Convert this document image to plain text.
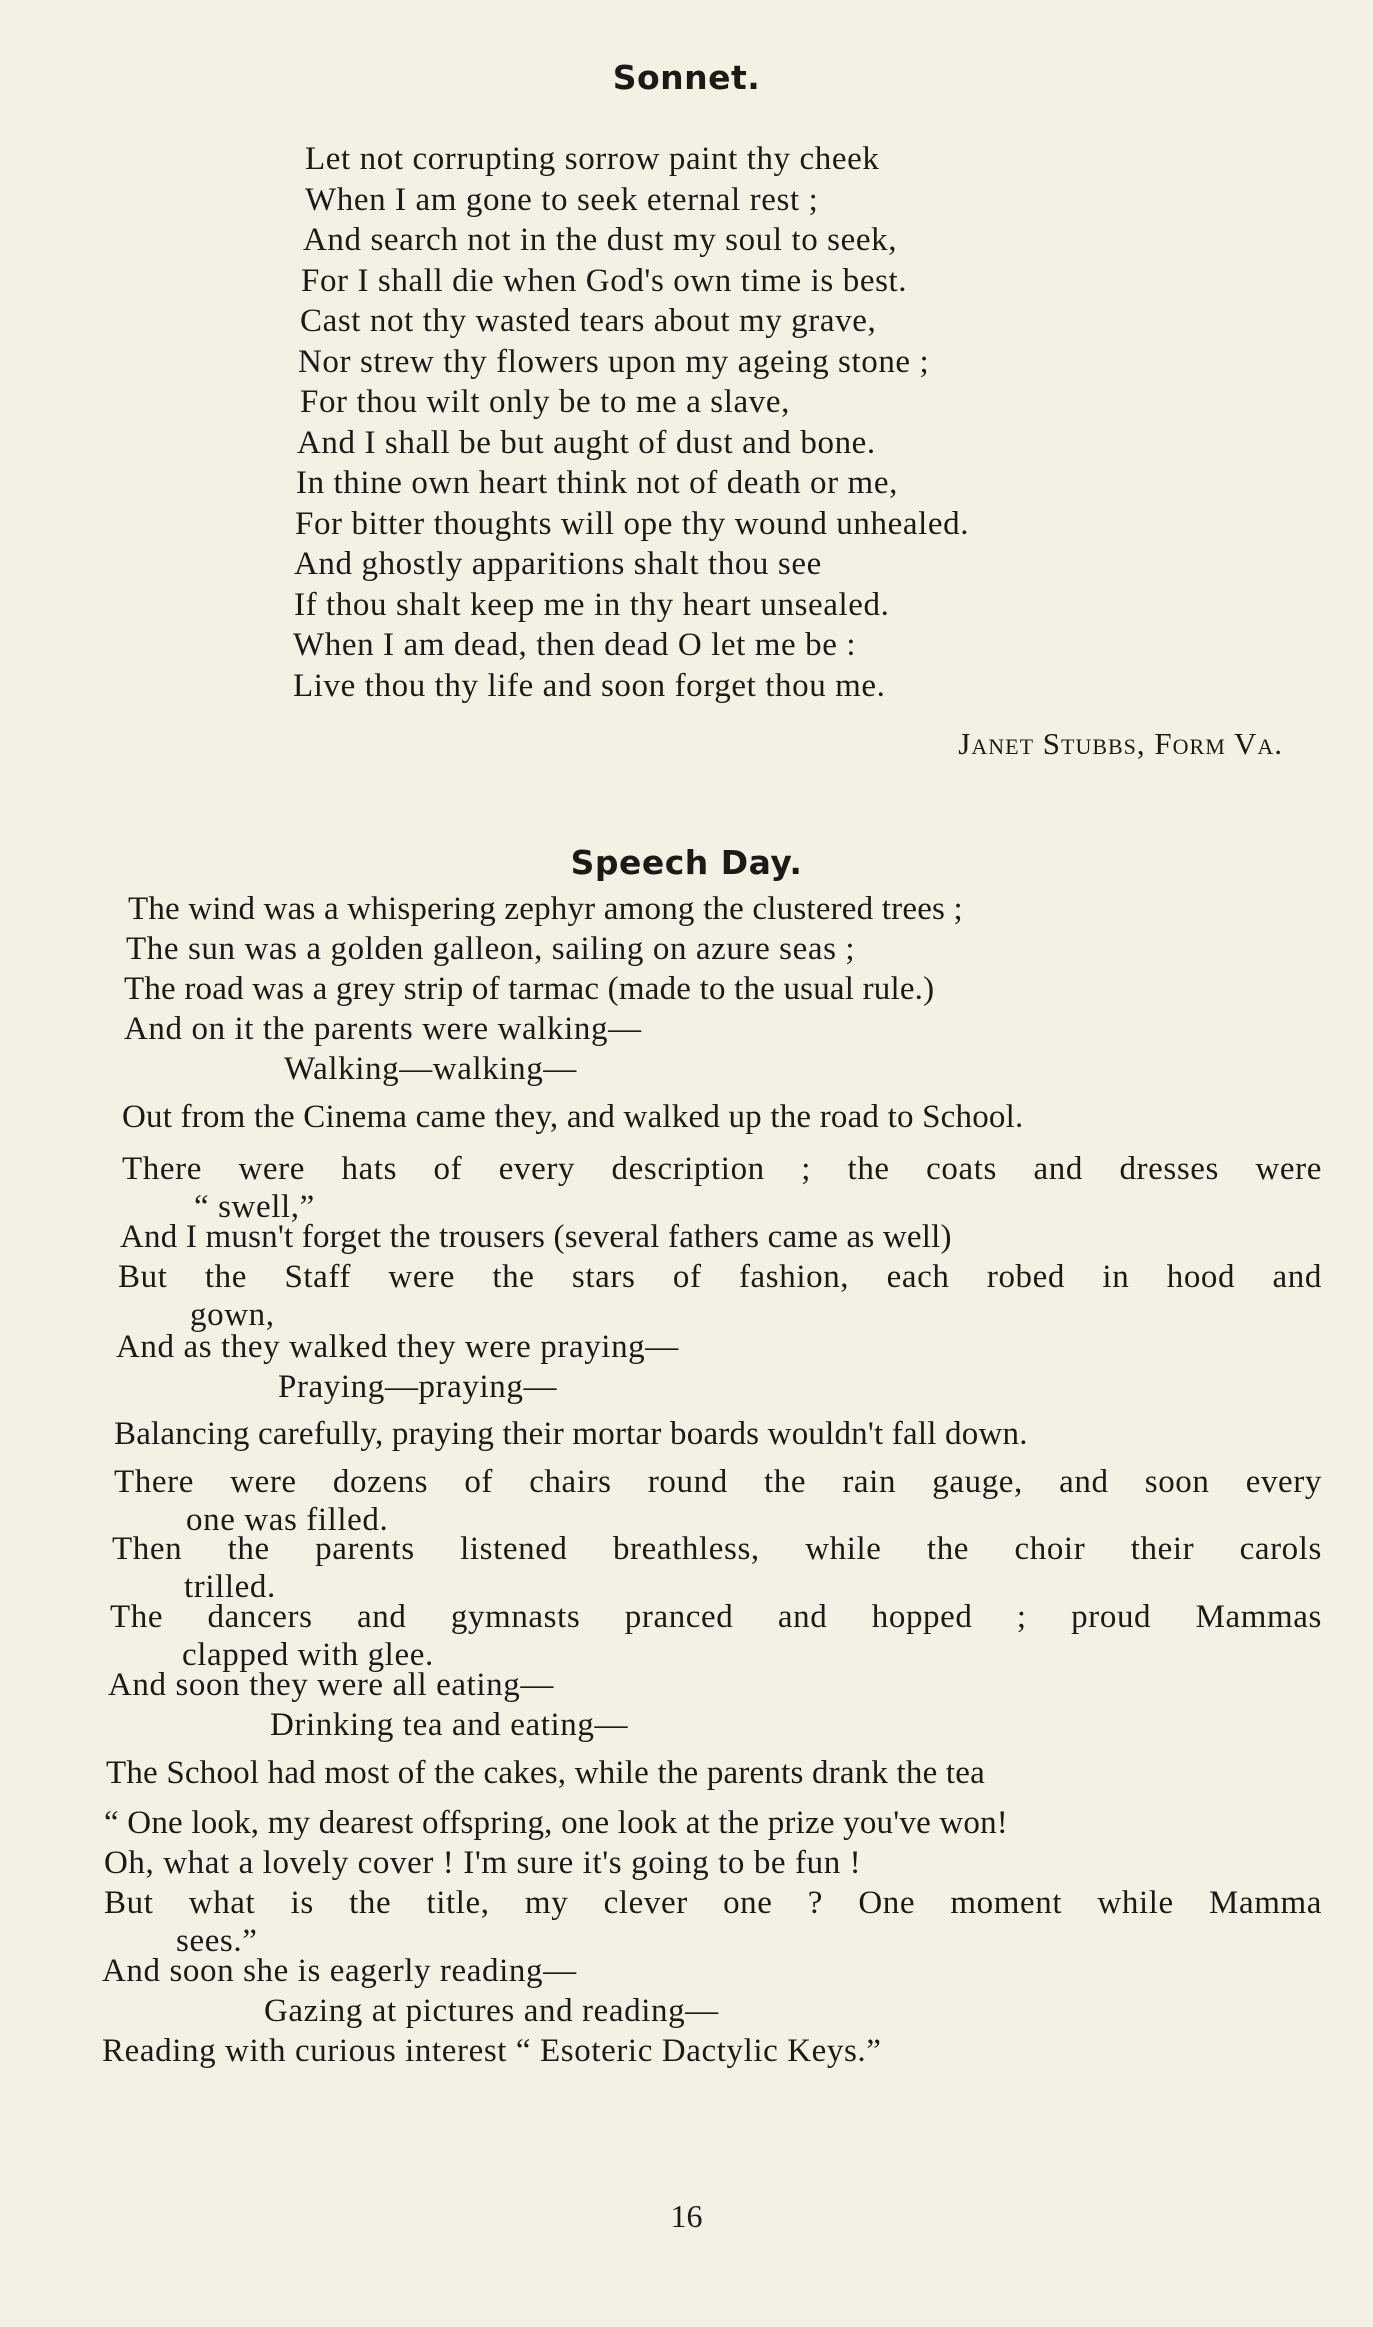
Sonnet.
Let not corrupting sorrow paint thy cheek
When I am gone to seek eternal rest ;
And search not in the dust my soul to seek,
For I shall die when God's own time is best.
Cast not thy wasted tears about my grave,
Nor strew thy flowers upon my ageing stone ;
For thou wilt only be to me a slave,
And I shall be but aught of dust and bone.
In thine own heart think not of death or me,
For bitter thoughts will ope thy wound unhealed.
And ghostly apparitions shalt thou see
If thou shalt keep me in thy heart unsealed.
When I am dead, then dead O let me be :
Live thou thy life and soon forget thou me.
Janet Stubbs, Form Va.
Speech Day.
The wind was a whispering zephyr among the clustered trees ;
The sun was a golden galleon, sailing on azure seas ;
The road was a grey strip of tarmac (made to the usual rule.)
And on it the parents were walking—
Walking—walking—
Out from the Cinema came they, and walked up the road to School.
There were hats of every description ; the coats and dresses were
“ swell,”
And I musn't forget the trousers (several fathers came as well)
But the Staff were the stars of fashion, each robed in hood and
gown,
And as they walked they were praying—
Praying—praying—
Balancing carefully, praying their mortar boards wouldn't fall down.
There were dozens of chairs round the rain gauge, and soon every
one was filled.
Then the parents listened breathless, while the choir their carols
trilled.
The dancers and gymnasts pranced and hopped ; proud Mammas
clapped with glee.
And soon they were all eating—
Drinking tea and eating—
The School had most of the cakes, while the parents drank the tea
“ One look, my dearest offspring, one look at the prize you've won!
Oh, what a lovely cover ! I'm sure it's going to be fun !
But what is the title, my clever one ? One moment while Mamma
sees.”
And soon she is eagerly reading—
Gazing at pictures and reading—
Reading with curious interest “ Esoteric Dactylic Keys.”
16
